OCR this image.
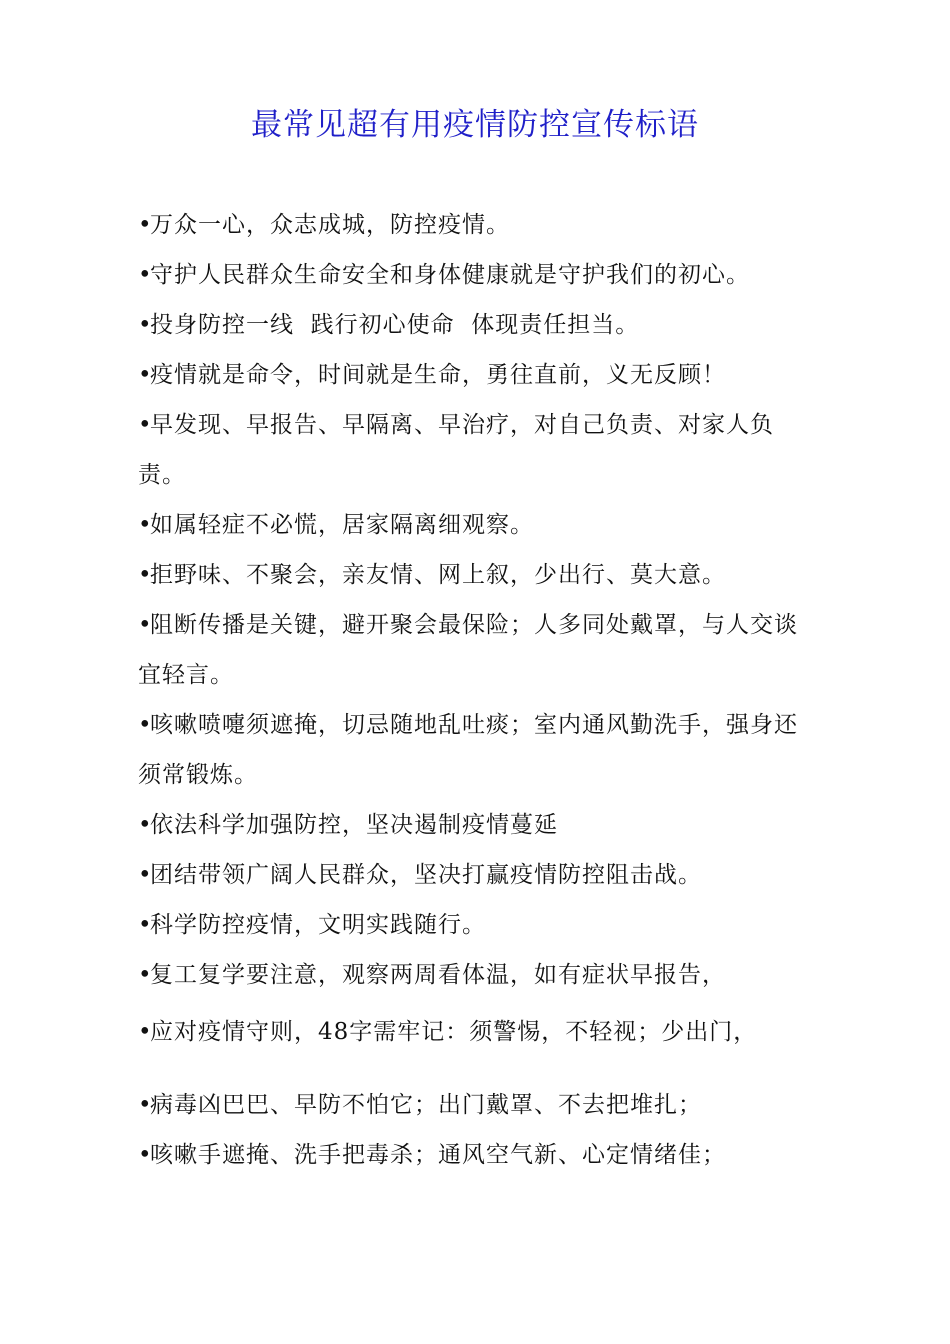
最常见超有用疫情防控宣传标语
•万众一心，众志成城，防控疫情。
•守护人民群众生命安全和身体健康就是守护我们的初心。
•投身防控一线  践行初心使命  体现责任担当。
•疫情就是命令，时间就是生命，勇往直前，义无反顾！
•早发现、早报告、早隔离、早治疗，对自己负责、对家人负
责。
•如属轻症不必慌，居家隔离细观察。
•拒野味、不聚会，亲友情、网上叙，少出行、莫大意。
•阻断传播是关键，避开聚会最保险；人多同处戴罩，与人交谈
宜轻言。
•咳嗽喷嚏须遮掩，切忌随地乱吐痰；室内通风勤洗手，强身还
须常锻炼。
•依法科学加强防控，坚决遏制疫情蔓延
•团结带领广阔人民群众，坚决打赢疫情防控阻击战。
•科学防控疫情，文明实践随行。
•复工复学要注意，观察两周看体温，如有症状早报告，
•应对疫情守则，48字需牢记：须警惕，不轻视；少出门，
•病毒凶巴巴、早防不怕它；出门戴罩、不去把堆扎；
•咳嗽手遮掩、洗手把毒杀；通风空气新、心定情绪佳；
